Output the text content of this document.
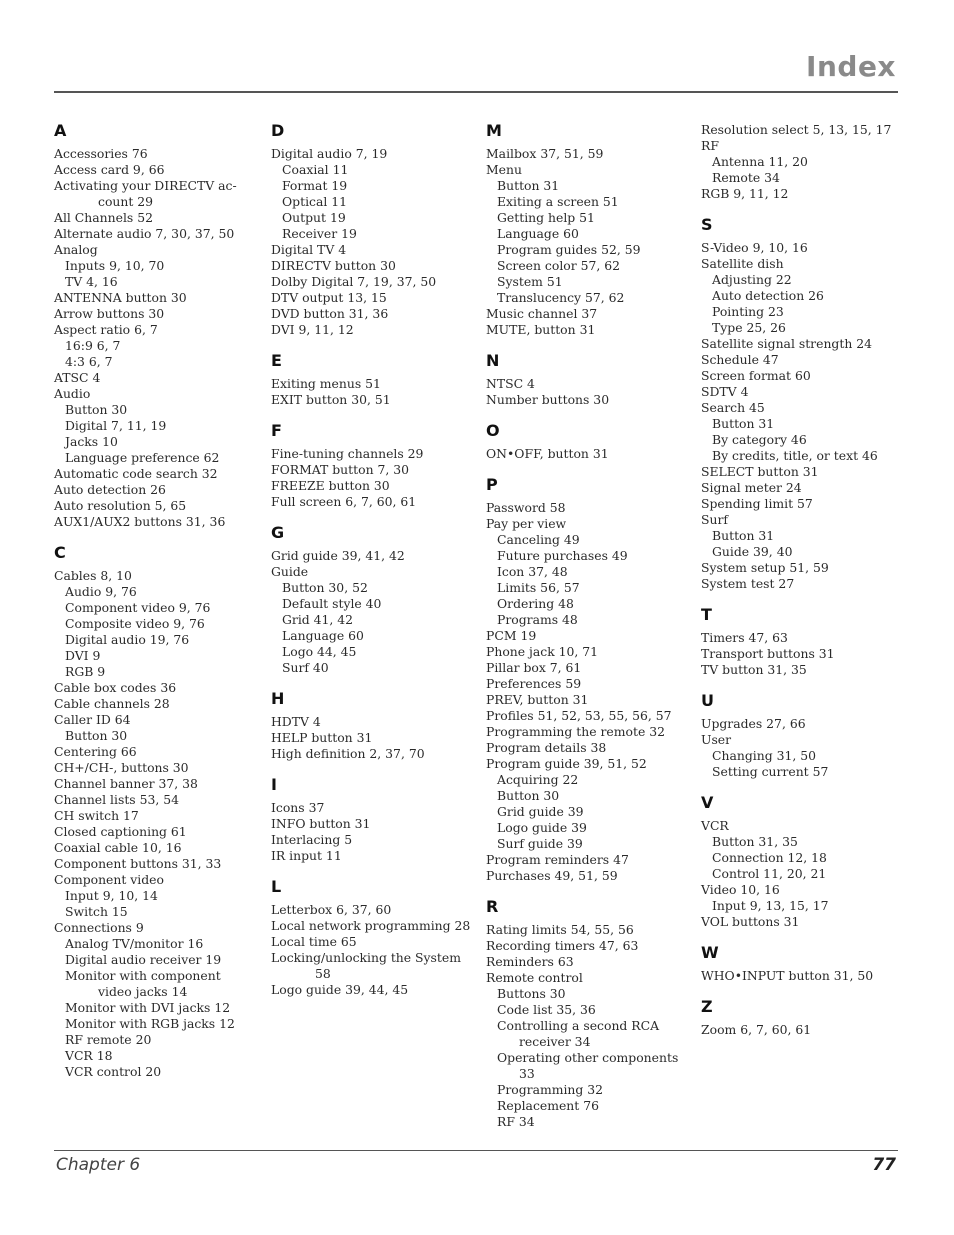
Index
A
Accessories 76
Access card 9, 66
Activating your DIRECTV ac-
count 29
All Channels 52
Alternate audio 7, 30, 37, 50
Analog
Inputs 9, 10, 70
TV 4, 16
ANTENNA button 30
Arrow buttons 30
Aspect ratio 6, 7
16:9 6, 7
4:3 6, 7
ATSC 4
Audio
Button 30
Digital 7, 11, 19
Jacks 10
Language preference 62
Automatic code search 32
Auto detection 26
Auto resolution 5, 65
AUX1/AUX2 buttons 31, 36
C
Cables 8, 10
Audio 9, 76
Component video 9, 76
Composite video 9, 76
Digital audio 19, 76
DVI 9
RGB 9
Cable box codes 36
Cable channels 28
Caller ID 64
Button 30
Centering 66
CH+/CH-, buttons 30
Channel banner 37, 38
Channel lists 53, 54
CH switch 17
Closed captioning 61
Coaxial cable 10, 16
Component buttons 31, 33
Component video
Input 9, 10, 14
Switch 15
Connections 9
Analog TV/monitor 16
Digital audio receiver 19
Monitor with component
video jacks 14
Monitor with DVI jacks 12
Monitor with RGB jacks 12
RF remote 20
VCR 18
VCR control 20
D
Digital audio 7, 19
Coaxial 11
Format 19
Optical 11
Output 19
Receiver 19
Digital TV 4
DIRECTV button 30
Dolby Digital 7, 19, 37, 50
DTV output 13, 15
DVD button 31, 36
DVI 9, 11, 12
E
Exiting menus 51
EXIT button 30, 51
F
Fine-tuning channels 29
FORMAT button 7, 30
FREEZE button 30
Full screen 6, 7, 60, 61
G
Grid guide 39, 41, 42
Guide
Button 30, 52
Default style 40
Grid 41, 42
Language 60
Logo 44, 45
Surf 40
H
HDTV 4
HELP button 31
High definition 2, 37, 70
I
Icons 37
INFO button 31
Interlacing 5
IR input 11
L
Letterbox 6, 37, 60
Local network programming 28
Local time 65
Locking/unlocking the System
58
Logo guide 39, 44, 45
M
Mailbox 37, 51, 59
Menu
Button 31
Exiting a screen 51
Getting help 51
Language 60
Program guides 52, 59
Screen color 57, 62
System 51
Translucency 57, 62
Music channel 37
MUTE, button 31
N
NTSC 4
Number buttons 30
O
ON•OFF, button 31
P
Password 58
Pay per view
Canceling 49
Future purchases 49
Icon 37, 48
Limits 56, 57
Ordering 48
Programs 48
PCM 19
Phone jack 10, 71
Pillar box 7, 61
Preferences 59
PREV, button 31
Profiles 51, 52, 53, 55, 56, 57
Programming the remote 32
Program details 38
Program guide 39, 51, 52
Acquiring 22
Button 30
Grid guide 39
Logo guide 39
Surf guide 39
Program reminders 47
Purchases 49, 51, 59
R
Rating limits 54, 55, 56
Recording timers 47, 63
Reminders 63
Remote control
Buttons 30
Code list 35, 36
Controlling a second RCA
receiver 34
Operating other components
33
Programming 32
Replacement 76
RF 34
Resolution select 5, 13, 15, 17
RF
Antenna 11, 20
Remote 34
RGB 9, 11, 12
S
S-Video 9, 10, 16
Satellite dish
Adjusting 22
Auto detection 26
Pointing 23
Type 25, 26
Satellite signal strength 24
Schedule 47
Screen format 60
SDTV 4
Search 45
Button 31
By category 46
By credits, title, or text 46
SELECT button 31
Signal meter 24
Spending limit 57
Surf
Button 31
Guide 39, 40
System setup 51, 59
System test 27
T
Timers 47, 63
Transport buttons 31
TV button 31, 35
U
Upgrades 27, 66
User
Changing 31, 50
Setting current 57
V
VCR
Button 31, 35
Connection 12, 18
Control 11, 20, 21
Video 10, 16
Input 9, 13, 15, 17
VOL buttons 31
W
WHO•INPUT button 31, 50
Z
Zoom 6, 7, 60, 61
Chapter 6	77
